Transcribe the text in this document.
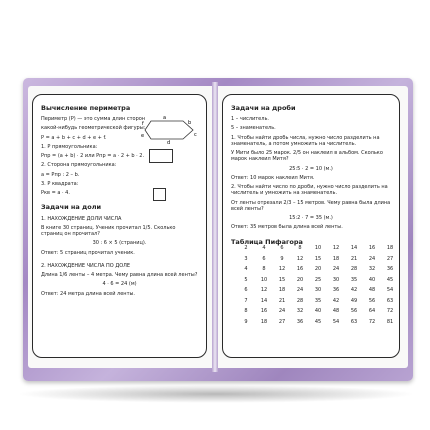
Вычисление периметра
Периметр (P) — это сумма длин сторон
какой-нибудь геометрической фигуры:
P = a + b + c + d + e + f.
1. P прямоугольника:
Pпр = (a + b) · 2 или Pпр = a · 2 + b · 2.
2. Сторона прямоугольника:
a = Pпр : 2 – b.
3. P квадрата:
Pкв = a · 4.
Задачи на доли
1. НАХОЖДЕНИЕ ДОЛИ ЧИСЛА
В книге 30 страниц. Ученик прочитал 1/5. Сколько страниц он прочитал?
30 : 6 × 5 (страниц).
Ответ: 5 страниц прочитал ученик.
2. НАХОЖДЕНИЕ ЧИСЛА ПО ДОЛЕ
Длина 1/6 ленты – 4 метра. Чему равна длина всей ленты?
4 · 6 = 24 (м)
Ответ: 24 метра длина всей ленты.
a
b
c
d
e
f
Задачи на дроби
1 – числитель.
5 – знаменатель.
1. Чтобы найти дробь числа, нужно число разделить на знаменатель, а потом умножить на числитель.
У Мити было 25 марок. 2/5 он наклеил в альбом. Сколько марок наклеил Митя?
25:5 · 2 = 10 (м.)
Ответ: 10 марок наклеил Митя.
2. Чтобы найти число по дроби, нужно число разделить на числитель и умножить на знаменатель.
От ленты отрезали 2/3 – 15 метров. Чему равна была длина всей ленты?
15:2 · 7 = 35 (м.)
Ответ: 35 метров была длина всей ленты.
Таблица Пифагора
2	4	6	8	10	12	14	16	18
3	6	9	12	15	18	21	24	27
4	8	12	16	20	24	28	32	36
5	10	15	20	25	30	35	40	45
6	12	18	24	30	36	42	48	54
7	14	21	28	35	42	49	56	63
8	16	24	32	40	48	56	64	72
9	18	27	36	45	54	63	72	81
